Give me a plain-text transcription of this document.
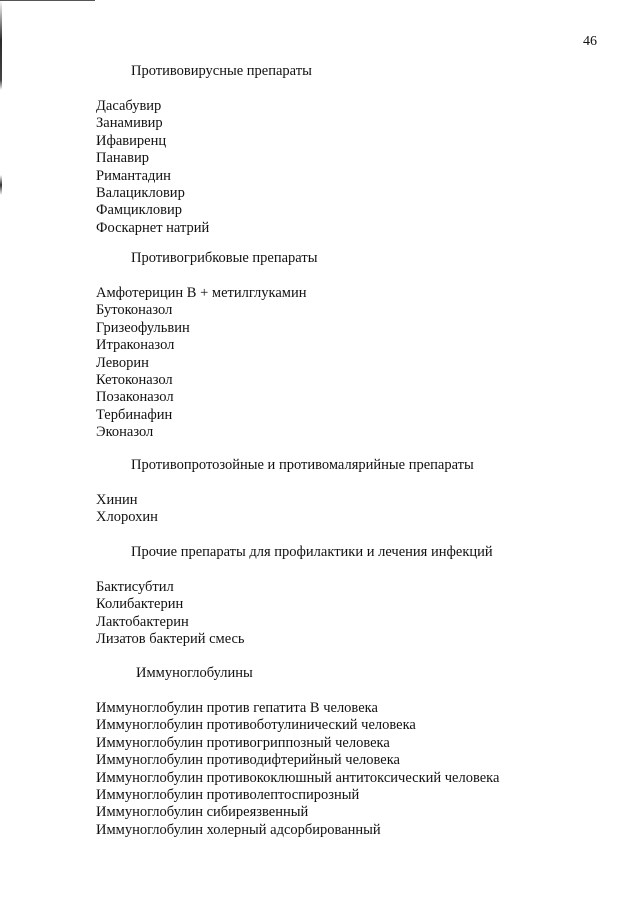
46
Противовирусные препараты
Дасабувир
Занамивир
Ифавиренц
Панавир
Римантадин
Валацикловир
Фамцикловир
Фоскарнет натрий
Противогрибковые препараты
Амфотерицин В + метилглукамин
Бутоконазол
Гризеофульвин
Итраконазол
Леворин
Кетоконазол
Позаконазол
Тербинафин
Эконазол
Противопротозойные и противомалярийные препараты
Хинин
Хлорохин
Прочие препараты для профилактики и лечения инфекций
Бактисубтил
Колибактерин
Лактобактерин
Лизатов бактерий смесь
Иммуноглобулины
Иммуноглобулин против гепатита В человека
Иммуноглобулин противоботулинический человека
Иммуноглобулин противогриппозный человека
Иммуноглобулин противодифтерийный человека
Иммуноглобулин противококлюшный антитоксический человека
Иммуноглобулин противолептоспирозный
Иммуноглобулин сибиреязвенный
Иммуноглобулин холерный адсорбированный
